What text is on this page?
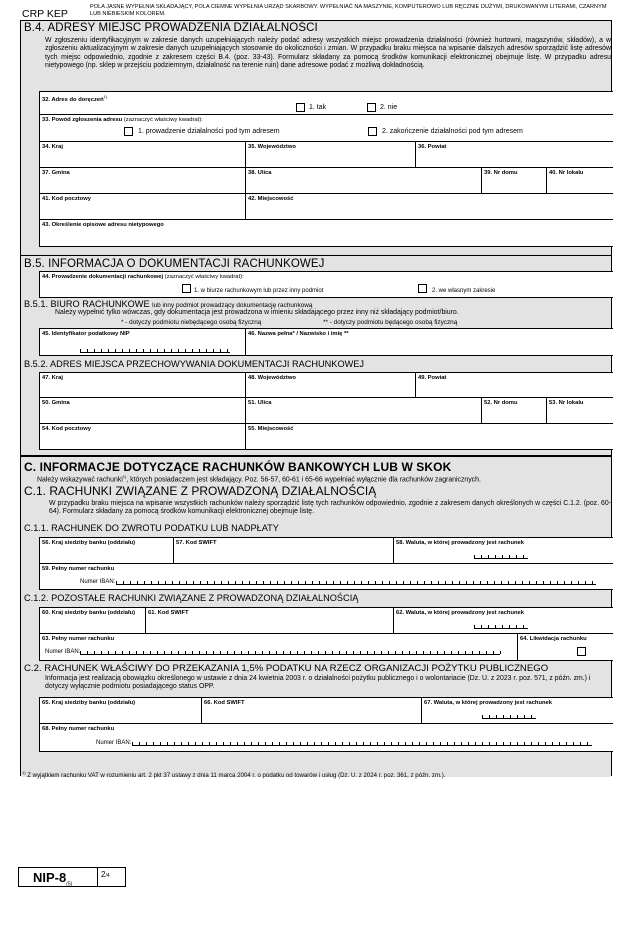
CRP KEP
POLA JASNE WYPEŁNIA SKŁADAJĄCY, POLA CIEMNE WYPEŁNIA URZĄD SKARBOWY. WYPEŁNIAĆ NA MASZYNIE, KOMPUTEROWO LUB RĘCZNIE DUŻYMI, DRUKOWANYMI LITERAMI, CZARNYM LUB NIEBIESKIM KOLOREM.
B.4. ADRESY MIEJSC PROWADZENIA DZIAŁALNOŚCI
W zgłoszeniu identyfikacyjnym w zakresie danych uzupełniających należy podać adresy wszystkich miejsc prowadzenia działalności (również hurtowni, magazynów, składów), a w zgłoszeniu aktualizacyjnym w zakresie danych uzupełniających stosownie do okoliczności i zmian. W przypadku braku miejsca na wpisanie dalszych adresów sporządzić listę adresów tych miejsc odpowiednio, zgodnie z zakresem części B.4. (poz. 33-43). Formularz składany za pomocą środków komunikacji elektronicznej obejmuje listę. W przypadku adresu nietypowego (np. sklep w przejściu podziemnym, działalność na terenie ruin) dane adresowe podać z możliwą dokładnością.
32. Adres do doręczeń$^{1)}$
1. tak	2. nie
33. Powód zgłoszenia adresu (zaznaczyć właściwy kwadrat):
1. prowadzenie działalności pod tym adresem	2. zakończenie działalności pod tym adresem
34. Kraj	35. Województwo	36. Powiat
37. Gmina	38. Ulica	39. Nr domu	40. Nr lokalu
41. Kod pocztowy	42. Miejscowość
43. Określenie opisowe adresu nietypowego
B.5. INFORMACJA O DOKUMENTACJI RACHUNKOWEJ
44. Prowadzenie dokumentacji rachunkowej (zaznaczyć właściwy kwadrat):
1. w biurze rachunkowym lub przez inny podmiot	2. we własnym zakresie
B.5.1. BIURO RACHUNKOWE lub inny podmiot prowadzący dokumentację rachunkową
Należy wypełnić tylko wówczas, gdy dokumentacja jest prowadzona w imieniu składającego przez inny niż składający podmiot/biuro.
* - dotyczy podmiotu niebędącego osobą fizyczną	** - dotyczy podmiotu będącego osobą fizyczną
45. Identyfikator podatkowy NIP	46. Nazwa pełna* / Nazwisko i imię **
B.5.2. ADRES MIEJSCA PRZECHOWYWANIA DOKUMENTACJI RACHUNKOWEJ
47. Kraj	48. Województwo	49. Powiat
50. Gmina	51. Ulica	52. Nr domu	53. Nr lokalu
54. Kod pocztowy	55. Miejscowość
C. INFORMACJE DOTYCZĄCE RACHUNKÓW BANKOWYCH LUB W SKOK
Należy wskazywać rachunki$^{1)}$, których posiadaczem jest składający. Poz. 56-57, 60-61 i 65-66 wypełniać wyłącznie dla rachunków zagranicznych.
C.1. RACHUNKI ZWIĄZANE Z PROWADZONĄ DZIAŁALNOŚCIĄ
W przypadku braku miejsca na wpisanie wszystkich rachunków należy sporządzić listę tych rachunków odpowiednio, zgodnie z zakresem danych określonych w części C.1.2. (poz. 60-64). Formularz składany za pomocą środków komunikacji elektronicznej obejmuje listę.
C.1.1. RACHUNEK DO ZWROTU PODATKU LUB NADPŁATY
56. Kraj siedziby banku (oddziału)	57. Kod SWIFT	58. Waluta, w której prowadzony jest rachunek
59. Pełny numer rachunku
Numer IBAN:
C.1.2. POZOSTAŁE RACHUNKI ZWIĄZANE Z PROWADZONĄ DZIAŁALNOŚCIĄ
60. Kraj siedziby banku (oddziału) 61. Kod SWIFT	62. Waluta, w której prowadzony jest rachunek
63. Pełny numer rachunku
Numer IBAN:
64. Likwidacja rachunku
C.2. RACHUNEK WŁAŚCIWY DO PRZEKAZANIA 1,5% PODATKU NA RZECZ ORGANIZACJI POŻYTKU PUBLICZNEGO
Informacja jest realizacją obowiązku określonego w ustawie z dnia 24 kwietnia 2003 r. o działalności pożytku publicznego i o wolontariacie (Dz. U. z 2023 r. poz. 571, z późn. zm.) i dotyczy wyłącznie podmiotu posiadającego status OPP.
65. Kraj siedziby banku (oddziału)	66. Kod SWIFT	67. Waluta, w której prowadzony jest rachunek
68. Pełny numer rachunku
Numer IBAN:
$^{1)}$ Z wyjątkiem rachunku VAT w rozumieniu art. 2 pkt 37 ustawy z dnia 11 marca 2004 r. o podatku od towarów i usług (Dz. U. z 2024 r. poz. 361, z późn. zm.).
NIP-$8_{(5)}$
2/4
